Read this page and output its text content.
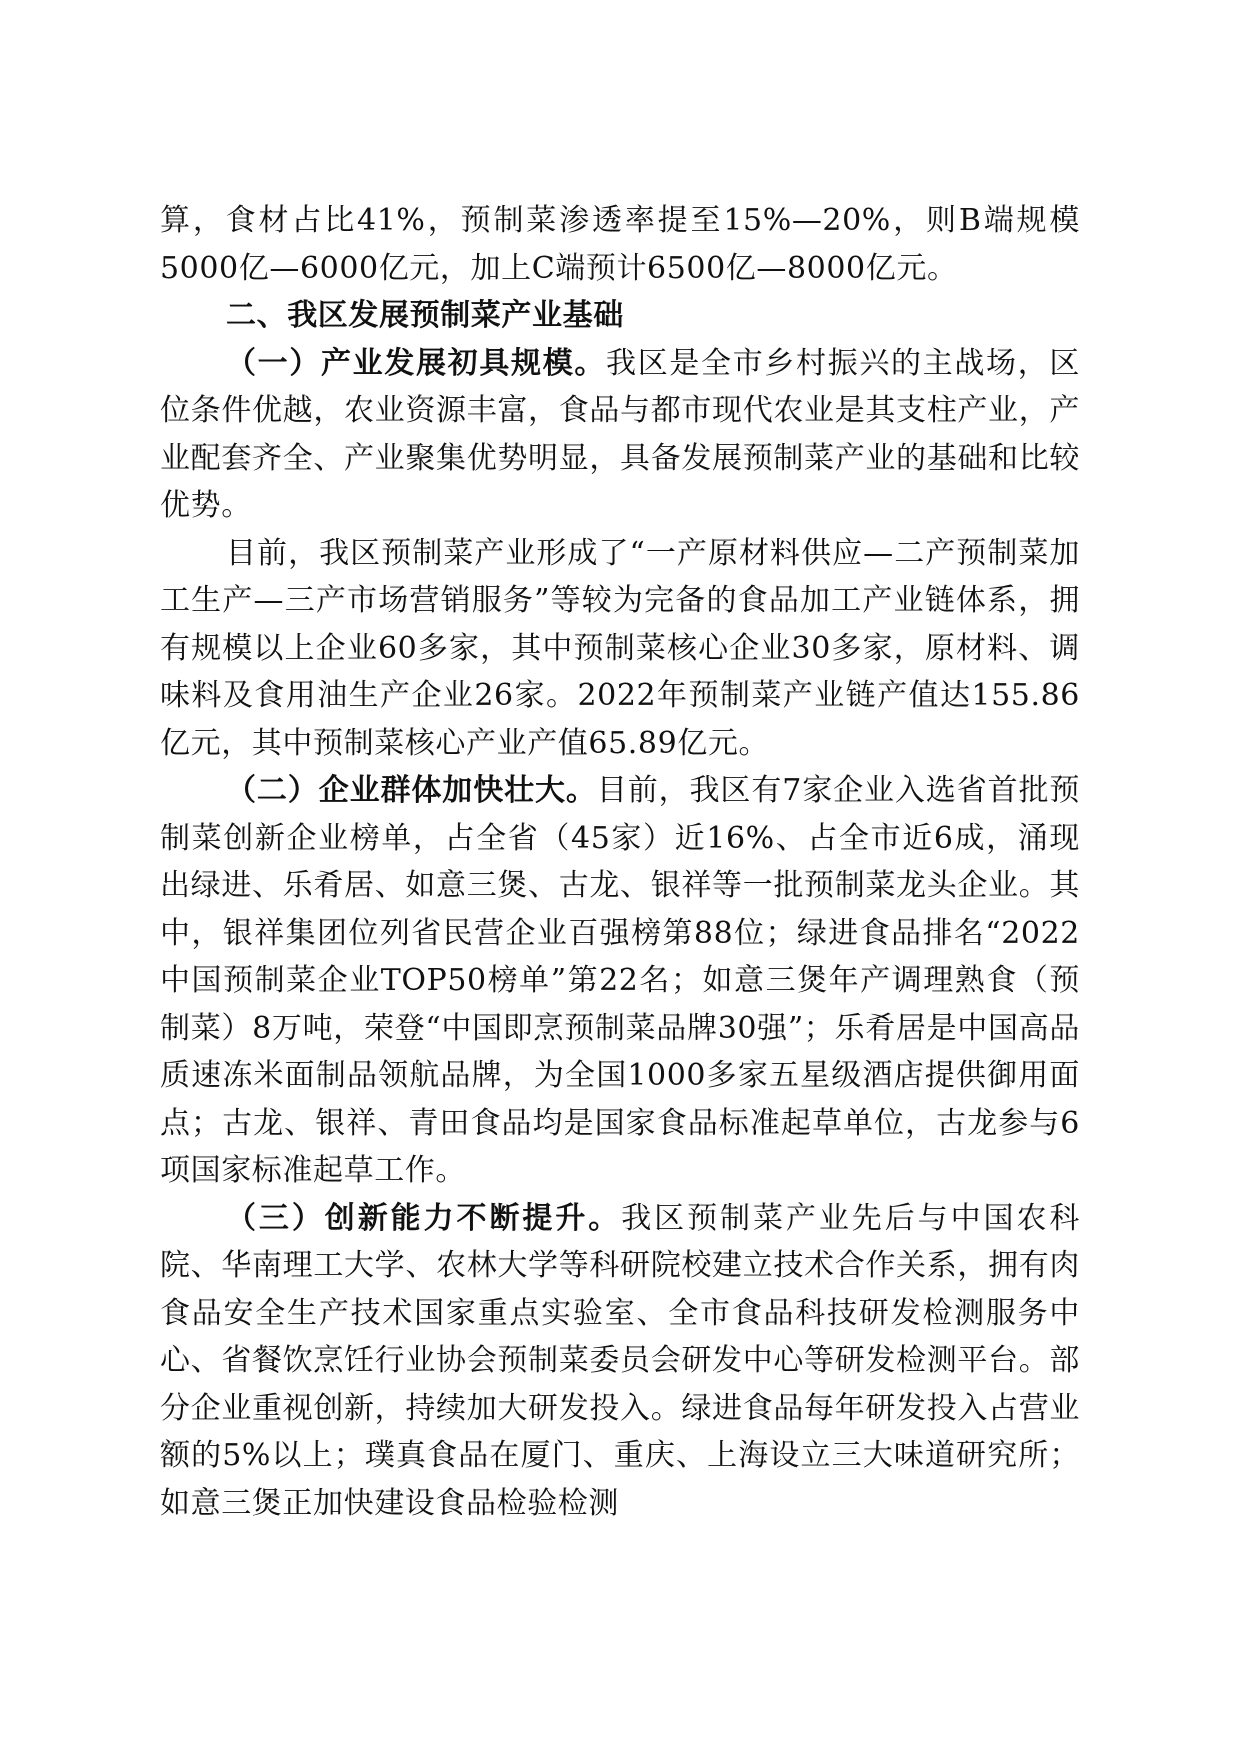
算，食材占比41%，预制菜渗透率提至15%—20%，则B端规模5000亿—6000亿元，加上C端预计6500亿—8000亿元。

二、我区发展预制菜产业基础

（一）产业发展初具规模。我区是全市乡村振兴的主战场，区位条件优越，农业资源丰富，食品与都市现代农业是其支柱产业，产业配套齐全、产业聚集优势明显，具备发展预制菜产业的基础和比较优势。

目前，我区预制菜产业形成了“一产原材料供应—二产预制菜加工生产—三产市场营销服务”等较为完备的食品加工产业链体系，拥有规模以上企业60多家，其中预制菜核心企业30多家，原材料、调味料及食用油生产企业26家。2022年预制菜产业链产值达155.86亿元，其中预制菜核心产业产值65.89亿元。

（二）企业群体加快壮大。目前，我区有7家企业入选省首批预制菜创新企业榜单，占全省（45家）近16%、占全市近6成，涌现出绿进、乐肴居、如意三煲、古龙、银祥等一批预制菜龙头企业。其中，银祥集团位列省民营企业百强榜第88位；绿进食品排名“2022中国预制菜企业TOP50榜单”第22名；如意三煲年产调理熟食（预制菜）8万吨，荣登“中国即烹预制菜品牌30强”；乐肴居是中国高品质速冻米面制品领航品牌，为全国1000多家五星级酒店提供御用面点；古龙、银祥、青田食品均是国家食品标准起草单位，古龙参与6项国家标准起草工作。

（三）创新能力不断提升。我区预制菜产业先后与中国农科院、华南理工大学、农林大学等科研院校建立技术合作关系，拥有肉食品安全生产技术国家重点实验室、全市食品科技研发检测服务中心、省餐饮烹饪行业协会预制菜委员会研发中心等研发检测平台。部分企业重视创新，持续加大研发投入。绿进食品每年研发投入占营业额的5%以上；璞真食品在厦门、重庆、上海设立三大味道研究所；如意三煲正加快建设食品检验检测
